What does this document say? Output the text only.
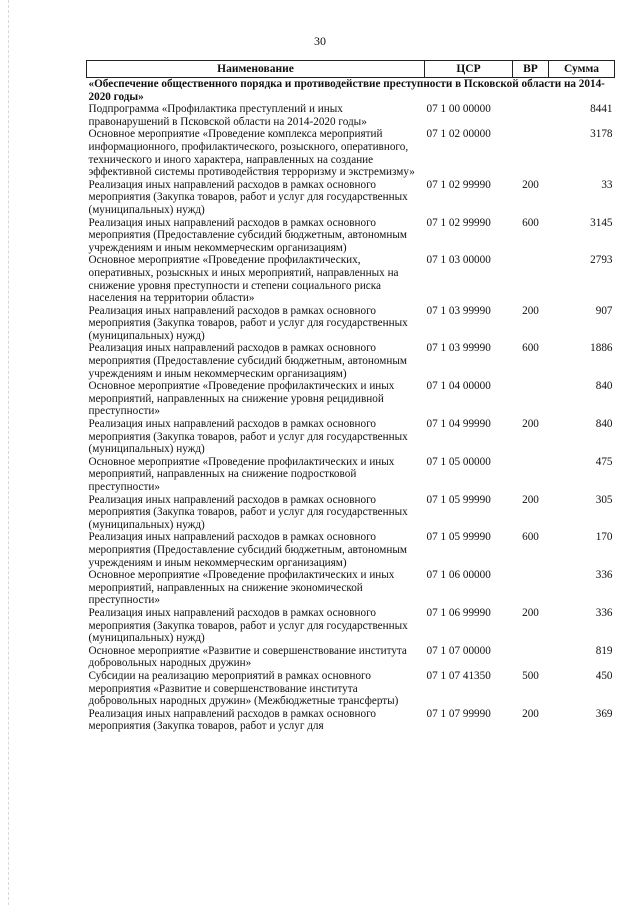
30
Наименование	ЦСР	ВР	Сумма
«Обеспечение общественного порядка и противодействие преступности в Псковской области на 2014-2020 годы»			
Подпрограмма «Профилактика преступлений и иных правонарушений в Псковской области на 2014-2020 годы»	07 1 00 00000		8441
Основное мероприятие «Проведение комплекса мероприятий информационного, профилактического, розыскного, оперативного, технического и иного характера, направленных на создание эффективной системы противодействия терроризму и экстремизму»	07 1 02 00000		3178
Реализация иных направлений расходов в рамках основного мероприятия (Закупка товаров, работ и услуг для государственных (муниципальных) нужд)	07 1 02 99990	200	33
Реализация иных направлений расходов в рамках основного мероприятия (Предоставление субсидий бюджетным, автономным учреждениям и иным некоммерческим организациям)	07 1 02 99990	600	3145
Основное мероприятие «Проведение профилактических, оперативных, розыскных и иных мероприятий, направленных на снижение уровня преступности и степени социального риска населения на территории области»	07 1 03 00000		2793
Реализация иных направлений расходов в рамках основного мероприятия (Закупка товаров, работ и услуг для государственных (муниципальных) нужд)	07 1 03 99990	200	907
Реализация иных направлений расходов в рамках основного мероприятия (Предоставление субсидий бюджетным, автономным учреждениям и иным некоммерческим организациям)	07 1 03 99990	600	1886
Основное мероприятие «Проведение профилактических и иных мероприятий, направленных на снижение уровня рецидивной преступности»	07 1 04 00000		840
Реализация иных направлений расходов в рамках основного мероприятия (Закупка товаров, работ и услуг для государственных (муниципальных) нужд)	07 1 04 99990	200	840
Основное мероприятие «Проведение профилактических и иных мероприятий, направленных на снижение подростковой преступности»	07 1 05 00000		475
Реализация иных направлений расходов в рамках основного мероприятия (Закупка товаров, работ и услуг для государственных (муниципальных) нужд)	07 1 05 99990	200	305
Реализация иных направлений расходов в рамках основного мероприятия (Предоставление субсидий бюджетным, автономным учреждениям и иным некоммерческим организациям)	07 1 05 99990	600	170
Основное мероприятие «Проведение профилактических и иных мероприятий, направленных на снижение экономической преступности»	07 1 06 00000		336
Реализация иных направлений расходов в рамках основного мероприятия (Закупка товаров, работ и услуг для государственных (муниципальных) нужд)	07 1 06 99990	200	336
Основное мероприятие «Развитие и совершенствование института добровольных народных дружин»	07 1 07 00000		819
Субсидии на реализацию мероприятий в рамках основного мероприятия «Развитие и совершенствование института добровольных народных дружин» (Межбюджетные трансферты)	07 1 07 41350	500	450
Реализация иных направлений расходов в рамках основного мероприятия (Закупка товаров, работ и услуг для	07 1 07 99990	200	369
